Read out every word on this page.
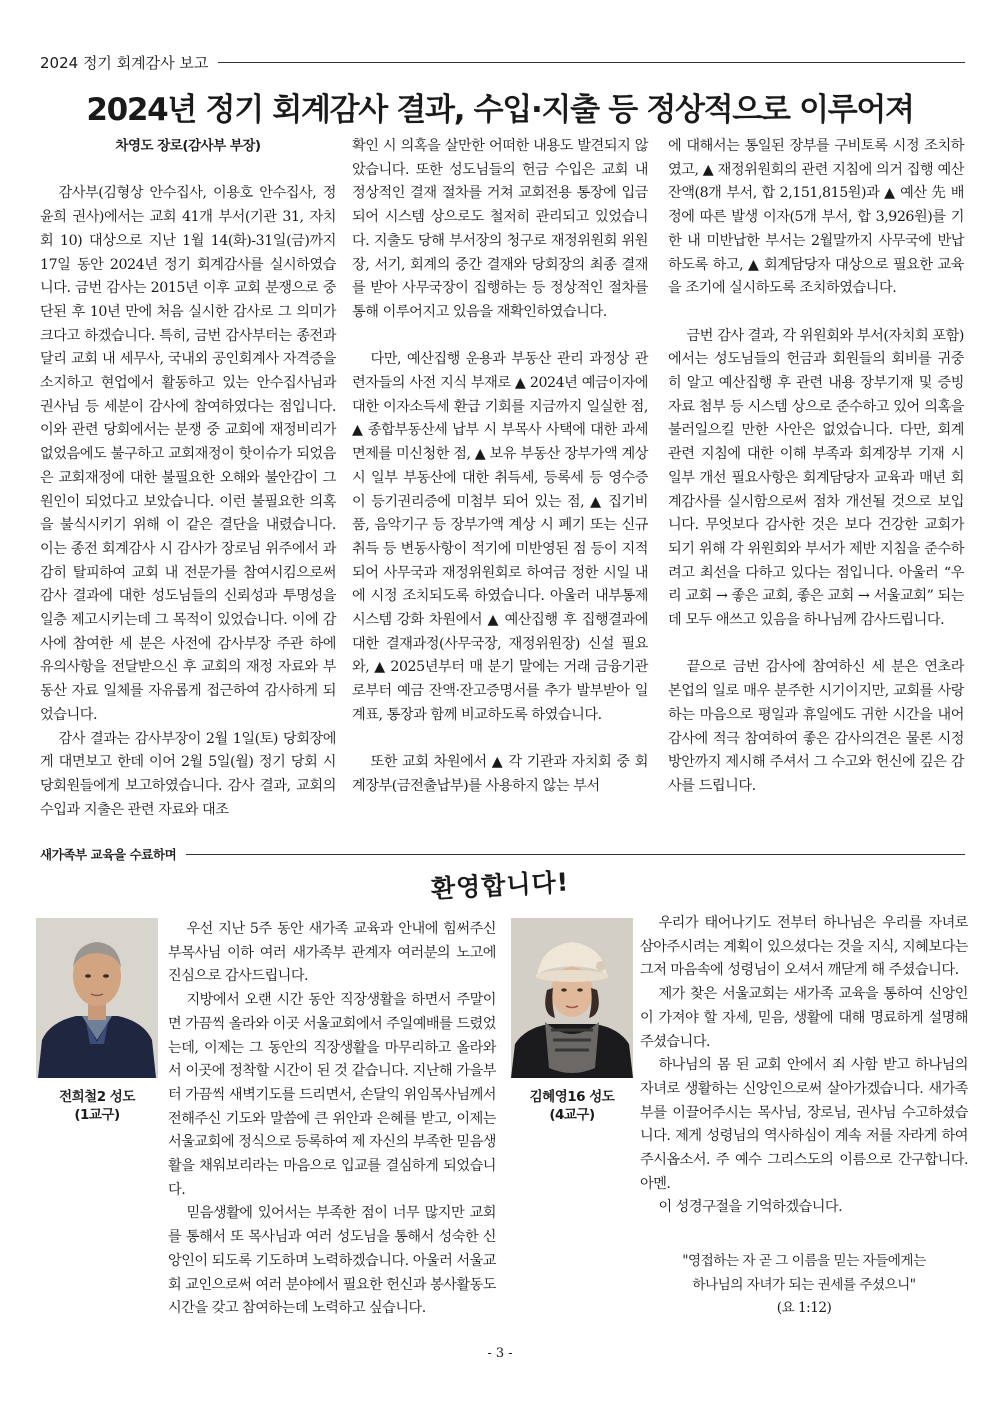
2024 정기 회계감사 보고
2024년 정기 회계감사 결과, 수입·지출 등 정상적으로 이루어져

차영도 장로(감사부 부장)

감사부(김형상 안수집사, 이용호 안수집사, 정윤희 권사)에서는 교회 41개 부서(기관 31, 자치회 10) 대상으로 지난 1월 14(화)-31일(금)까지 17일 동안 2024년 정기 회계감사를 실시하였습니다. 금번 감사는 2015년 이후 교회 분쟁으로 중단된 후 10년 만에 처음 실시한 감사로 그 의미가 크다고 하겠습니다. 특히, 금번 감사부터는 종전과 달리 교회 내 세무사, 국내외 공인회계사 자격증을 소지하고 현업에서 활동하고 있는 안수집사님과 권사님 등 세분이 감사에 참여하였다는 점입니다. 이와 관련 당회에서는 분쟁 중 교회에 재정비리가 없었음에도 불구하고 교회재정이 핫이슈가 되었음은 교회재정에 대한 불필요한 오해와 불안감이 그 원인이 되었다고 보았습니다. 이런 불필요한 의혹을 불식시키기 위해 이 같은 결단을 내렸습니다. 이는 종전 회계감사 시 감사가 장로님 위주에서 과감히 탈피하여 교회 내 전문가를 참여시킴으로써 감사 결과에 대한 성도님들의 신뢰성과 투명성을 일층 제고시키는데 그 목적이 있었습니다. 이에 감사에 참여한 세 분은 사전에 감사부장 주관 하에 유의사항을 전달받으신 후 교회의 재정 자료와 부동산 자료 일체를 자유롭게 접근하여 감사하게 되었습니다.

감사 결과는 감사부장이 2월 1일(토) 당회장에게 대면보고 한데 이어 2월 5일(월) 정기 당회 시 당회원들에게 보고하였습니다. 감사 결과, 교회의 수입과 지출은 관련 자료와 대조

확인 시 의혹을 살만한 어떠한 내용도 발견되지 않았습니다. 또한 성도님들의 헌금 수입은 교회 내 정상적인 결재 절차를 거쳐 교회전용 통장에 입금되어 시스템 상으로도 철저히 관리되고 있었습니다. 지출도 당해 부서장의 청구로 재정위원회 위원장, 서기, 회계의 중간 결재와 당회장의 최종 결재를 받아 사무국장이 집행하는 등 정상적인 절차를 통해 이루어지고 있음을 재확인하였습니다.

다만, 예산집행 운용과 부동산 관리 과정상 관련자들의 사전 지식 부재로 ▲ 2024년 예금이자에 대한 이자소득세 환급 기회를 지금까지 일실한 점, ▲ 종합부동산세 납부 시 부목사 사택에 대한 과세 면제를 미신청한 점, ▲ 보유 부동산 장부가액 계상 시 일부 부동산에 대한 취득세, 등록세 등 영수증이 등기권리증에 미첨부 되어 있는 점, ▲ 집기비품, 음악기구 등 장부가액 계상 시 폐기 또는 신규 취득 등 변동사항이 적기에 미반영된 점 등이 지적되어 사무국과 재정위원회로 하여금 정한 시일 내에 시정 조치되도록 하였습니다. 아울러 내부통제시스템 강화 차원에서 ▲ 예산집행 후 집행결과에 대한 결재과정(사무국장, 재정위원장) 신설 필요와, ▲ 2025년부터 매 분기 말에는 거래 금융기관로부터 예금 잔액·잔고증명서를 추가 발부받아 일계표, 통장과 함께 비교하도록 하였습니다.

또한 교회 차원에서 ▲ 각 기관과 자치회 중 회계장부(금전출납부)를 사용하지 않는 부서

에 대해서는 통일된 장부를 구비토록 시정 조치하였고, ▲ 재정위원회의 관련 지침에 의거 집행 예산 잔액(8개 부서, 합 2,151,815원)과 ▲ 예산 先 배정에 따른 발생 이자(5개 부서, 합 3,926원)를 기한 내 미반납한 부서는 2월말까지 사무국에 반납하도록 하고, ▲ 회계담당자 대상으로 필요한 교육을 조기에 실시하도록 조치하였습니다.

금번 감사 결과, 각 위원회와 부서(자치회 포함)에서는 성도님들의 헌금과 회원들의 회비를 귀중히 알고 예산집행 후 관련 내용 장부기재 및 증빙자료 첨부 등 시스템 상으로 준수하고 있어 의혹을 불러일으킬 만한 사안은 없었습니다. 다만, 회계 관련 지침에 대한 이해 부족과 회계장부 기재 시 일부 개선 필요사항은 회계담당자 교육과 매년 회계감사를 실시함으로써 점차 개선될 것으로 보입니다. 무엇보다 감사한 것은 보다 건강한 교회가 되기 위해 각 위원회와 부서가 제반 지침을 준수하려고 최선을 다하고 있다는 점입니다. 아울러 “우리 교회 → 좋은 교회, 좋은 교회 → 서울교회” 되는데 모두 애쓰고 있음을 하나님께 감사드립니다.

끝으로 금번 감사에 참여하신 세 분은 연초라 본업의 일로 매우 분주한 시기이지만, 교회를 사랑하는 마음으로 평일과 휴일에도 귀한 시간을 내어 감사에 적극 참여하여 좋은 감사의견은 물론 시정방안까지 제시해 주셔서 그 수고와 헌신에 깊은 감사를 드립니다.

새가족부 교육을 수료하며
환영합니다!
전희철2 성도
(1교구)

우선 지난 5주 동안 새가족 교육과 안내에 힘써주신 부목사님 이하 여러 새가족부 관계자 여러분의 노고에 진심으로 감사드립니다.

지방에서 오랜 시간 동안 직장생활을 하면서 주말이면 가끔씩 올라와 이곳 서울교회에서 주일예배를 드렸었는데, 이제는 그 동안의 직장생활을 마무리하고 올라와서 이곳에 정착할 시간이 된 것 같습니다. 지난해 가을부터 가끔씩 새벽기도를 드리면서, 손달익 위임목사님께서 전해주신 기도와 말씀에 큰 위안과 은혜를 받고, 이제는 서울교회에 정식으로 등록하여 제 자신의 부족한 믿음생활을 채워보리라는 마음으로 입교를 결심하게 되었습니다.

믿음생활에 있어서는 부족한 점이 너무 많지만 교회를 통해서 또 목사님과 여러 성도님을 통해서 성숙한 신앙인이 되도록 기도하며 노력하겠습니다. 아울러 서울교회 교인으로써 여러 분야에서 필요한 헌신과 봉사활동도 시간을 갖고 참여하는데 노력하고 싶습니다.

김혜영16 성도
(4교구)

우리가 태어나기도 전부터 하나님은 우리를 자녀로 삼아주시려는 계획이 있으셨다는 것을 지식, 지혜보다는 그저 마음속에 성령님이 오셔서 깨닫게 해 주셨습니다.

제가 찾은 서울교회는 새가족 교육을 통하여 신앙인이 가져야 할 자세, 믿음, 생활에 대해 명료하게 설명해 주셨습니다.

하나님의 몸 된 교회 안에서 죄 사함 받고 하나님의 자녀로 생활하는 신앙인으로써 살아가겠습니다. 새가족부를 이끌어주시는 목사님, 장로님, 권사님 수고하셨습니다. 제게 성령님의 역사하심이 계속 저를 자라게 하여 주시옵소서. 주 예수 그리스도의 이름으로 간구합니다. 아멘.

이 성경구절을 기억하겠습니다.

"영접하는 자 곧 그 이름을 믿는 자들에게는
하나님의 자녀가 되는 권세를 주셨으니"
(요 1:12)
- 3 -
